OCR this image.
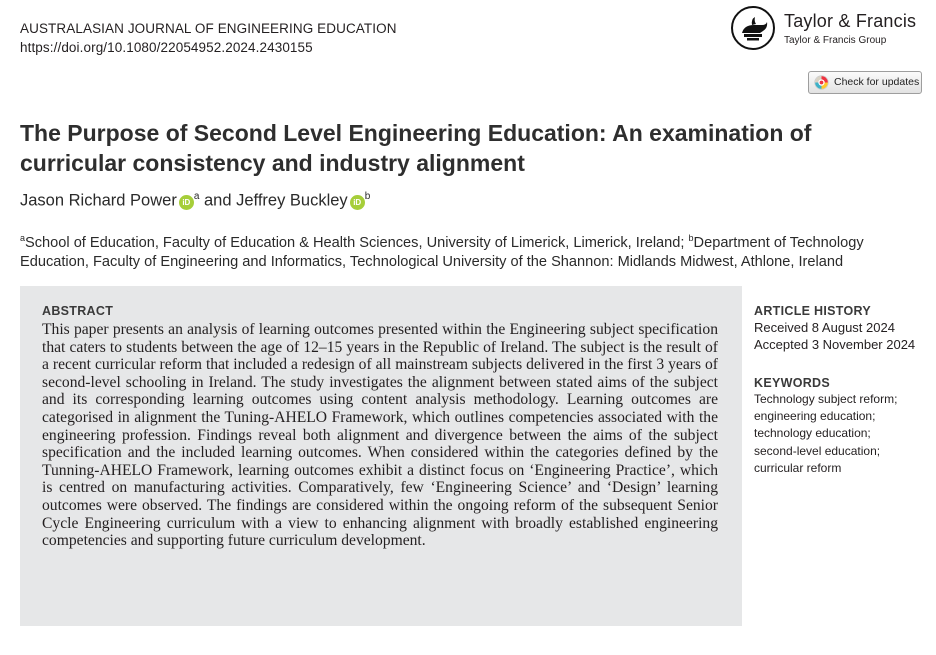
AUSTRALASIAN JOURNAL OF ENGINEERING EDUCATION
https://doi.org/10.1080/22054952.2024.2430155
Taylor & Francis
Taylor & Francis Group
Check for updates
The Purpose of Second Level Engineering Education: An examination of curricular consistency and industry alignment
Jason Richard Power iD $^a$ and Jeffrey Buckley iD $^b$
$^a$School of Education, Faculty of Education & Health Sciences, University of Limerick, Limerick, Ireland; $^b$Department of Technology Education, Faculty of Engineering and Informatics, Technological University of the Shannon: Midlands Midwest, Athlone, Ireland
ABSTRACT

This paper presents an analysis of learning outcomes presented within the Engineering subject specification that caters to students between the age of 12–15 years in the Republic of Ireland. The subject is the result of a recent curricular reform that included a redesign of all mainstream subjects delivered in the first 3 years of second-level schooling in Ireland. The study investigates the alignment between stated aims of the subject and its corresponding learning outcomes using content analysis methodology. Learning outcomes are categorised in alignment the Tuning-AHELO Framework, which outlines competencies associated with the engineering profession. Findings reveal both alignment and divergence between the aims of the subject specification and the included learning outcomes. When considered within the categories defined by the Tunning-AHELO Framework, learning outcomes exhibit a distinct focus on ‘Engineering Practice’, which is centred on manufacturing activities. Comparatively, few ‘Engineering Science’ and ‘Design’ learning outcomes were observed. The findings are considered within the ongoing reform of the subsequent Senior Cycle Engineering curriculum with a view to enhancing alignment with broadly established engineering competencies and supporting future curriculum development.

ARTICLE HISTORY
Received 8 August 2024
Accepted 3 November 2024
KEYWORDS
Technology subject reform;
engineering education;
technology education;
second-level education;
curricular reform
